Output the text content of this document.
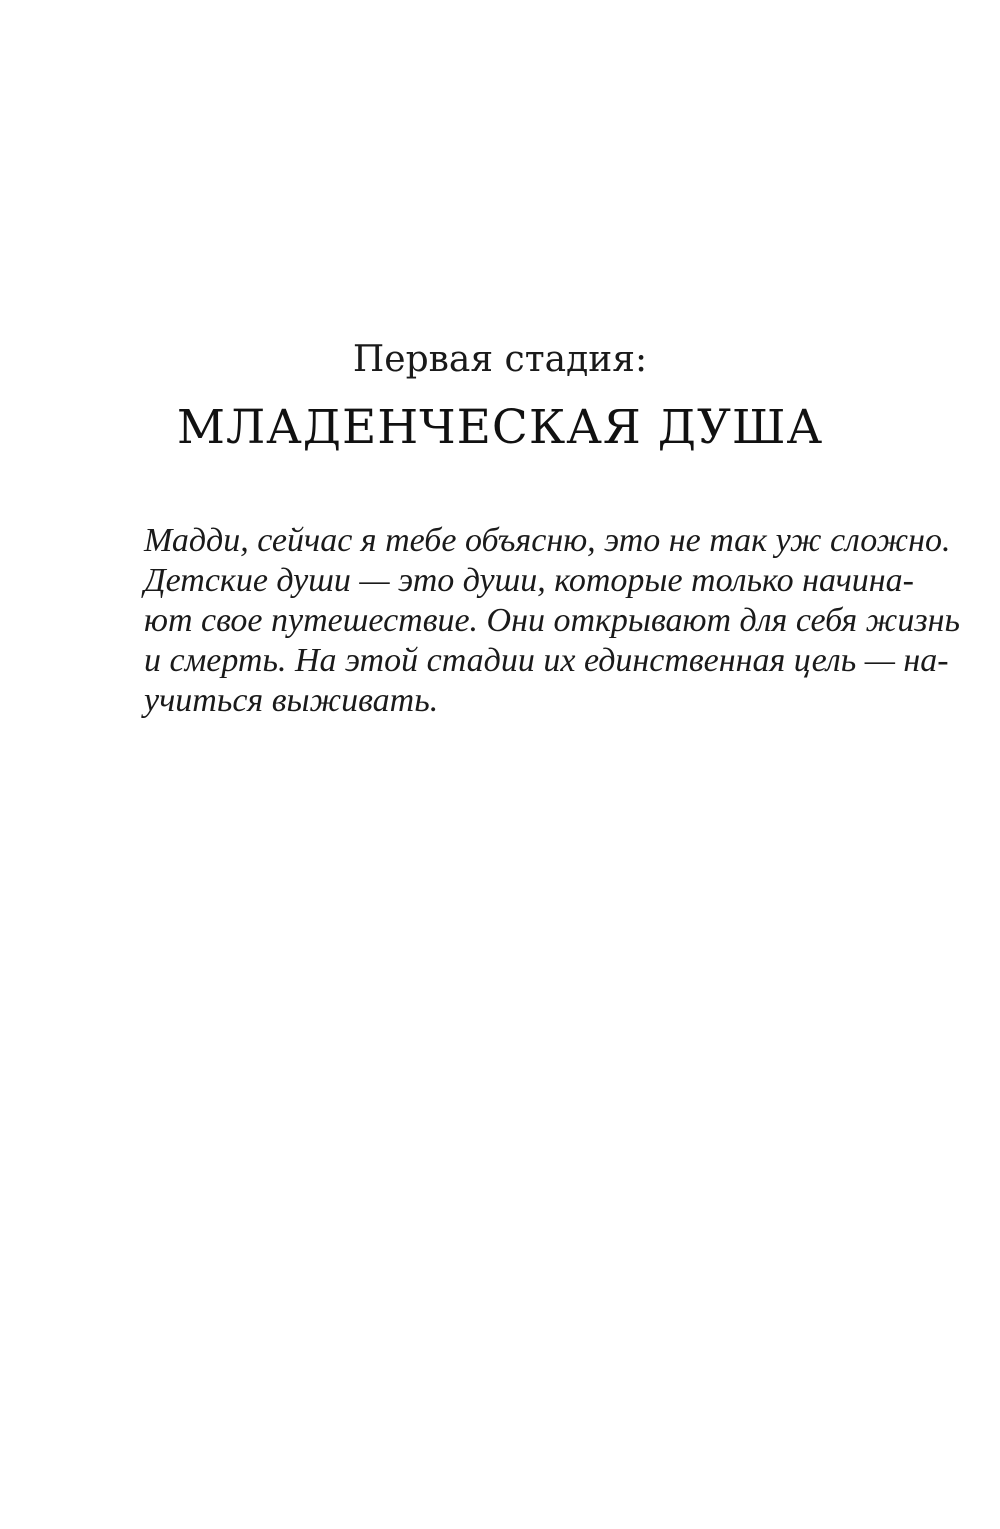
Первая стадия:
МЛАДЕНЧЕСКАЯ ДУША

Мадди, сейчас я тебе объясню, это не так уж сложно.
Детские души — это души, которые только начина-
ют свое путешествие. Они открывают для себя жизнь
и смерть. На этой стадии их единственная цель — на-
учиться выживать.
